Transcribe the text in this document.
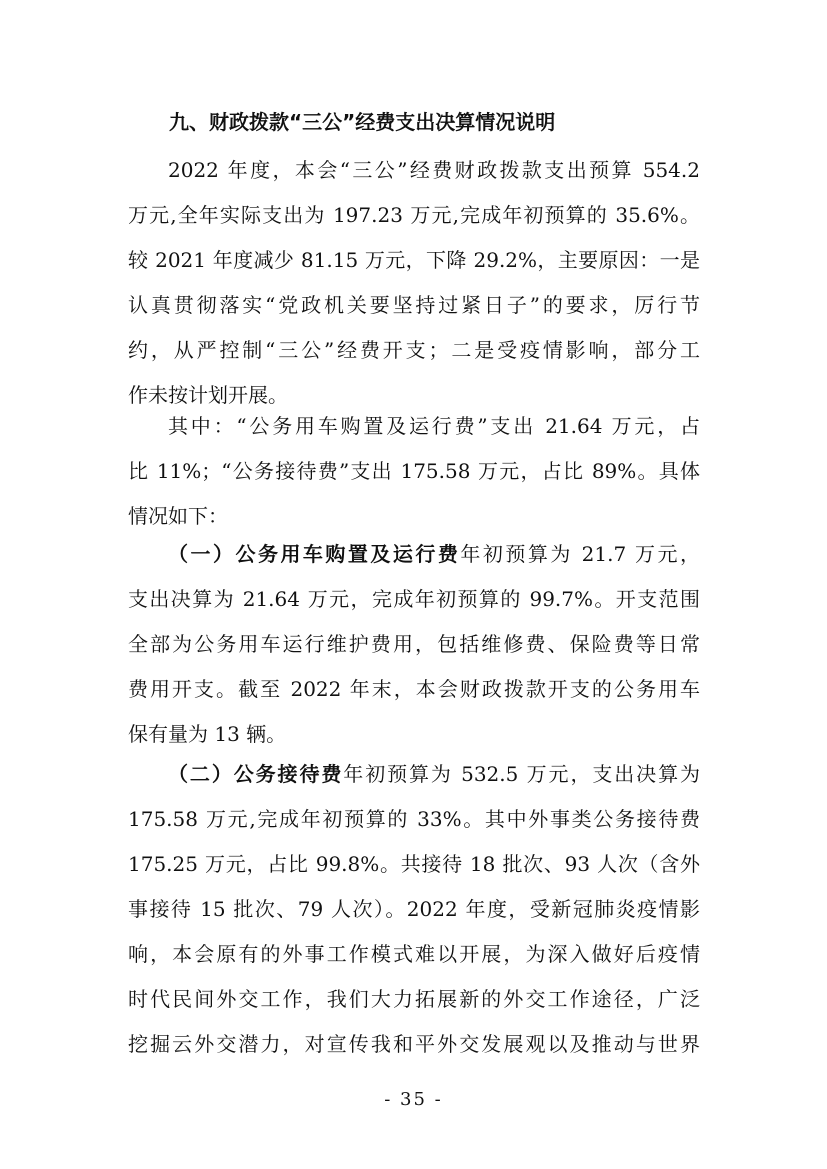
九、财政拨款“三公”经费支出决算情况说明
2022 年度，本会“三公”经费财政拨款支出预算 554.2
万元,全年实际支出为 197.23 万元,完成年初预算的 35.6%。
较 2021 年度减少 81.15 万元，下降 29.2%，主要原因：一是
认真贯彻落实“党政机关要坚持过紧日子”的要求，厉行节
约，从严控制“三公”经费开支；二是受疫情影响，部分工
作未按计划开展。
其中：“公务用车购置及运行费”支出 21.64 万元，占
比 11%；“公务接待费”支出 175.58 万元，占比 89%。具体
情况如下：
（一）公务用车购置及运行费年初预算为 21.7 万元，
支出决算为 21.64 万元，完成年初预算的 99.7%。开支范围
全部为公务用车运行维护费用，包括维修费、保险费等日常
费用开支。截至 2022 年末，本会财政拨款开支的公务用车
保有量为 13 辆。
（二）公务接待费年初预算为 532.5 万元，支出决算为
175.58 万元,完成年初预算的 33%。其中外事类公务接待费
175.25 万元，占比 99.8%。共接待 18 批次、93 人次（含外
事接待 15 批次、79 人次）。2022 年度，受新冠肺炎疫情影
响，本会原有的外事工作模式难以开展，为深入做好后疫情
时代民间外交工作，我们大力拓展新的外交工作途径，广泛
挖掘云外交潜力，对宣传我和平外交发展观以及推动与世界
- 35 -
